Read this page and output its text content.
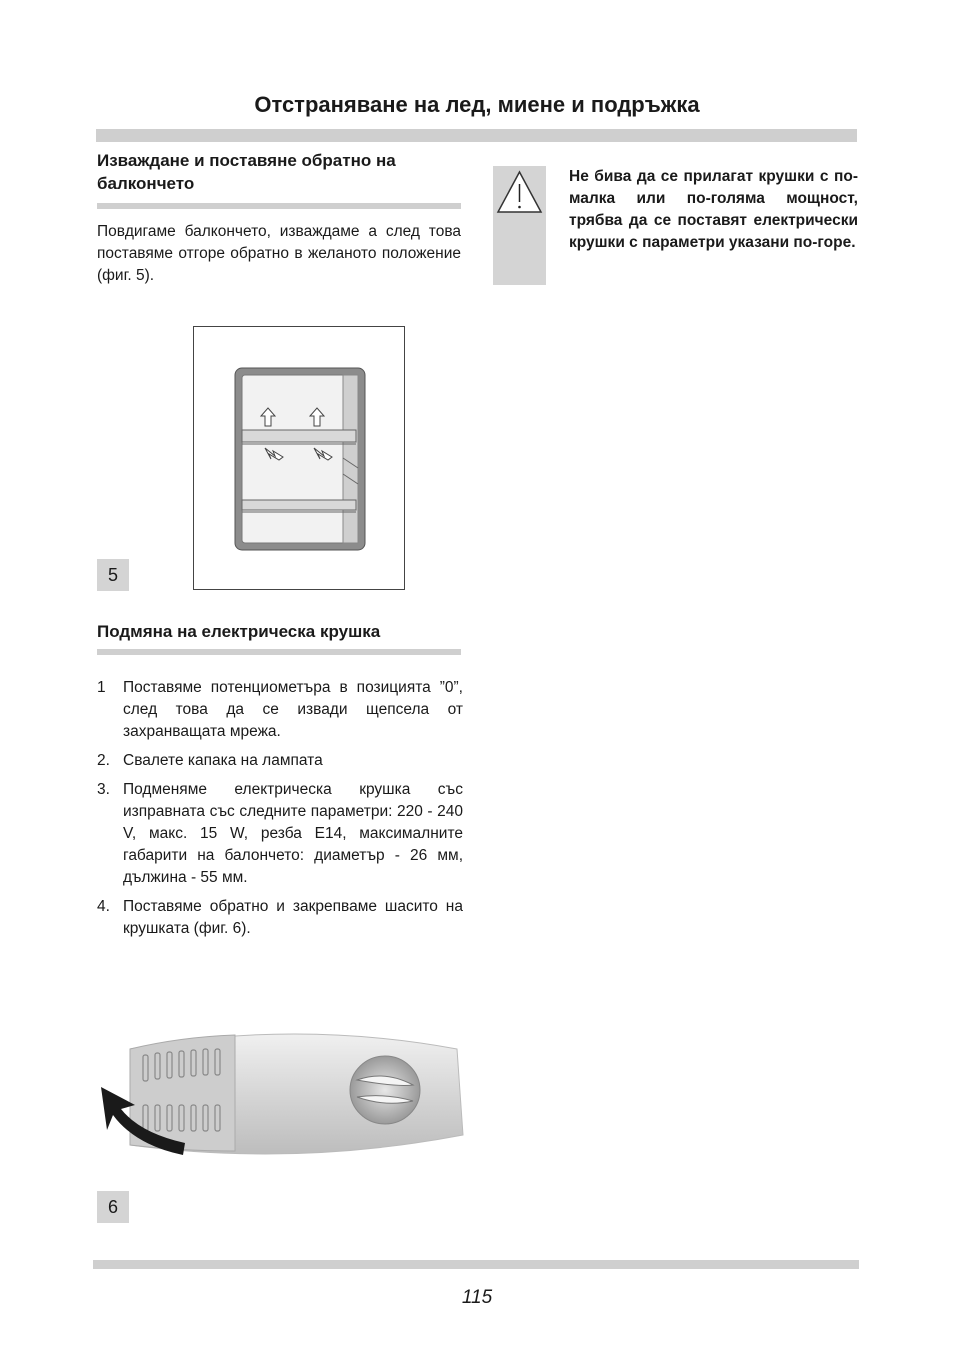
Отстраняване на лед, миене и подръжка
Изваждане и поставяне обратно на балкончето
Повдигаме балкончето, изваждаме а след това поставяме отгоре обратно в желаното положение (фиг. 5).
5
Не бива да се прилагат крушки с по-малка или по-голяма мощност, трябва да се поставят електрически крушки с параметри указани по-горе.
Подмяна на електрическа крушка
1	Поставяме потенциометъра в позицията ”0”, след това да се извади щепсела от захранващата мрежа.
2. Свалете капака на лампата
3. Подменяме електрическа крушка със изправната със следните параметри: 220 - 240 V, макс. 15 W, резба E14, максималните габарити на балончето: диаметър - 26 мм, дължина - 55 мм.
4. Поставяме обратно и закрепваме шасито на крушката (фиг. 6).
6
115
